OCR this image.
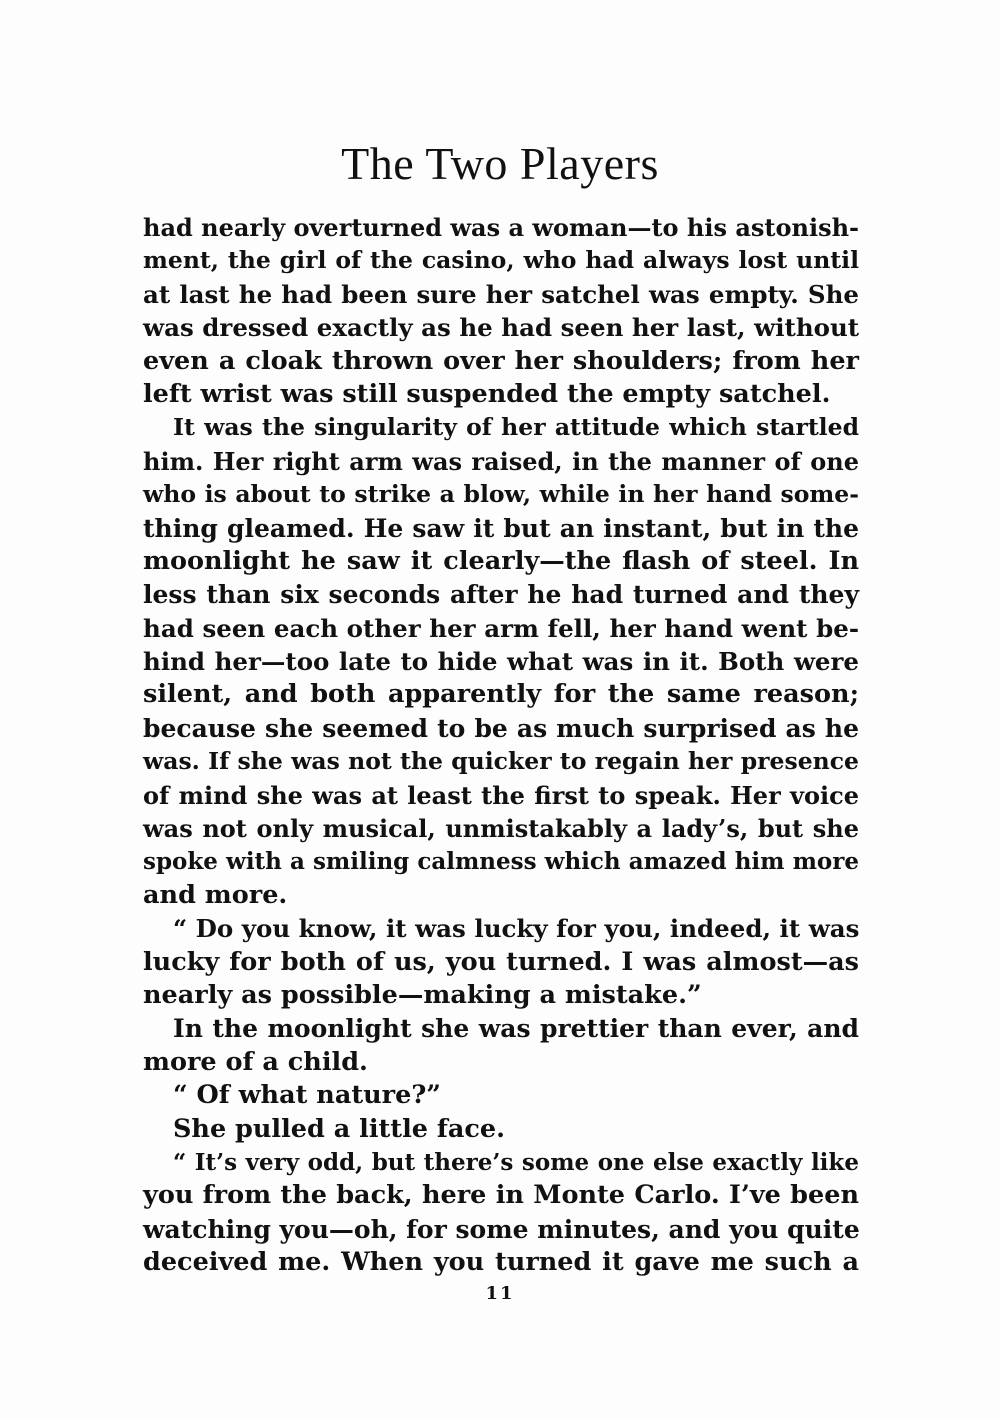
The Two Players
had nearly overturned was a woman—to his astonish-
ment, the girl of the casino, who had always lost until
at last he had been sure her satchel was empty. She
was dressed exactly as he had seen her last, without
even a cloak thrown over her shoulders; from her
left wrist was still suspended the empty satchel.
It was the singularity of her attitude which startled
him. Her right arm was raised, in the manner of one
who is about to strike a blow, while in her hand some-
thing gleamed. He saw it but an instant, but in the
moonlight he saw it clearly—the flash of steel. In
less than six seconds after he had turned and they
had seen each other her arm fell, her hand went be-
hind her—too late to hide what was in it. Both were
silent, and both apparently for the same reason;
because she seemed to be as much surprised as he
was. If she was not the quicker to regain her presence
of mind she was at least the first to speak. Her voice
was not only musical, unmistakably a lady’s, but she
spoke with a smiling calmness which amazed him more
and more.
“ Do you know, it was lucky for you, indeed, it was
lucky for both of us, you turned. I was almost—as
nearly as possible—making a mistake.”
In the moonlight she was prettier than ever, and
more of a child.
“ Of what nature?”
She pulled a little face.
“ It’s very odd, but there’s some one else exactly like
you from the back, here in Monte Carlo. I’ve been
watching you—oh, for some minutes, and you quite
deceived me. When you turned it gave me such a
11
